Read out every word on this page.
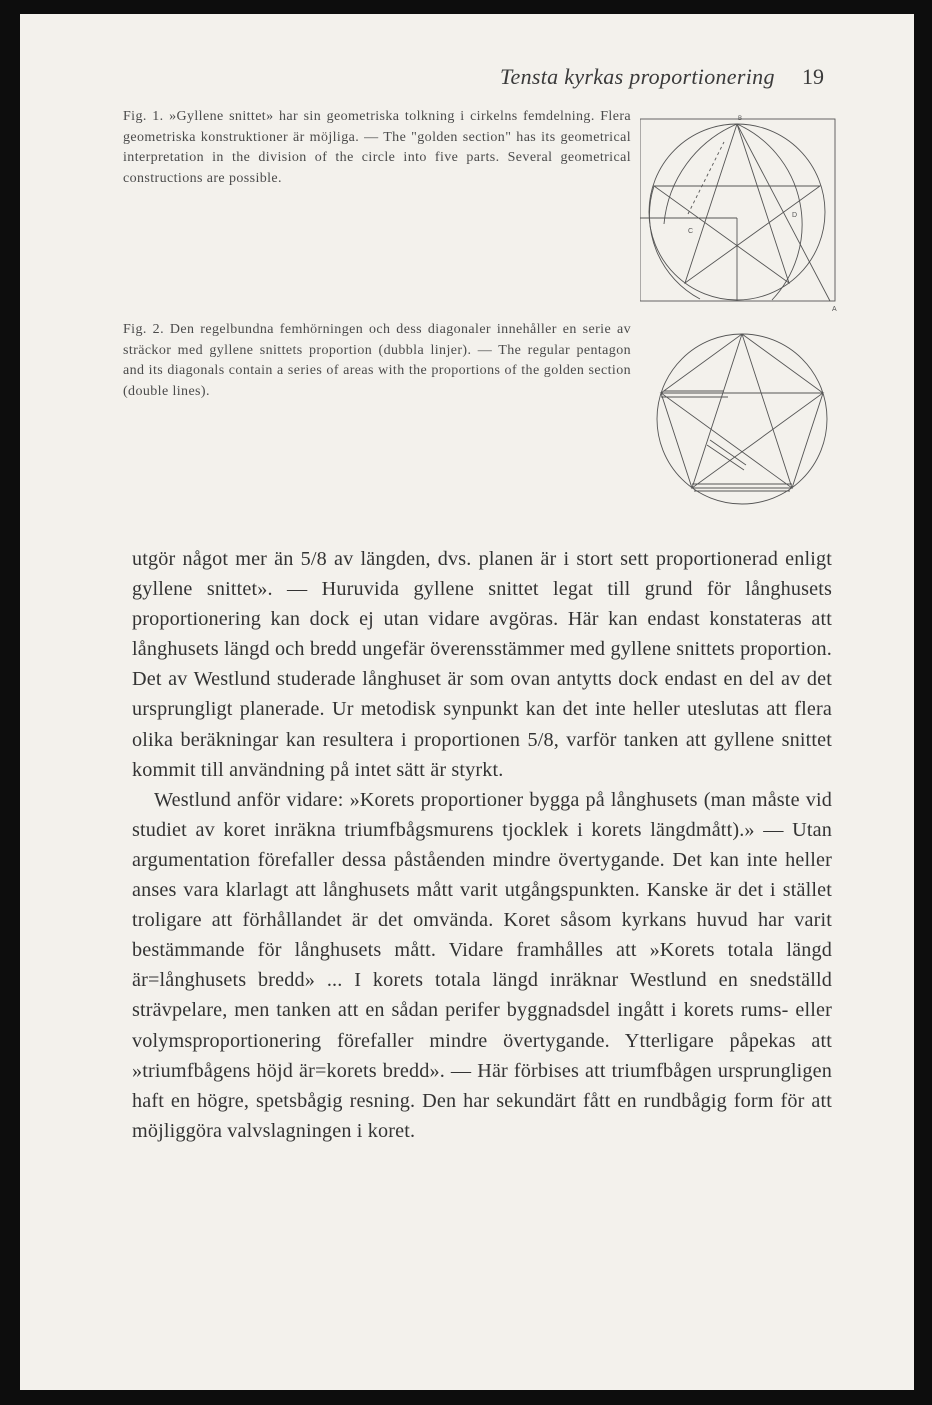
Tensta kyrkas proportionering 19
Fig. 1. »Gyllene snittet» har sin geometriska tolkning i cirkelns femdelning. Flera geometriska konstruktioner är möjliga. — The "golden section" has its geometrical interpretation in the division of the circle into five parts. Several geometrical constructions are possible.
B
C
D
A
Fig. 2. Den regelbundna femhörningen och dess diagonaler innehåller en serie av sträckor med gyllene snittets proportion (dubbla linjer). — The regular pentagon and its diagonals contain a series of areas with the proportions of the golden section (double lines).

utgör något mer än 5/8 av längden, dvs. planen är i stort sett proportionerad enligt gyllene snittet». — Huruvida gyllene snittet legat till grund för långhusets proportionering kan dock ej utan vidare avgöras. Här kan endast konstateras att långhusets längd och bredd ungefär överensstämmer med gyllene snittets proportion. Det av Westlund studerade långhuset är som ovan antytts dock endast en del av det ursprungligt planerade. Ur metodisk synpunkt kan det inte heller uteslutas att flera olika beräkningar kan resultera i proportionen 5/8, varför tanken att gyllene snittet kommit till användning på intet sätt är styrkt.

Westlund anför vidare: »Korets proportioner bygga på långhusets (man måste vid studiet av koret inräkna triumfbågsmurens tjocklek i korets längdmått).» — Utan argumentation förefaller dessa påståenden mindre övertygande. Det kan inte heller anses vara klarlagt att långhusets mått varit utgångspunkten. Kanske är det i stället troligare att förhållandet är det omvända. Koret såsom kyrkans huvud har varit bestämmande för långhusets mått. Vidare framhålles att »Korets totala längd är=långhusets bredd» ... I korets totala längd inräknar Westlund en snedställd strävpelare, men tanken att en sådan perifer byggnadsdel ingått i korets rums- eller volymsproportionering förefaller mindre övertygande. Ytterligare påpekas att »triumfbågens höjd är=korets bredd». — Här förbises att triumfbågen ursprungligen haft en högre, spetsbågig resning. Den har sekundärt fått en rundbågig form för att möjliggöra valvslagningen i koret.
